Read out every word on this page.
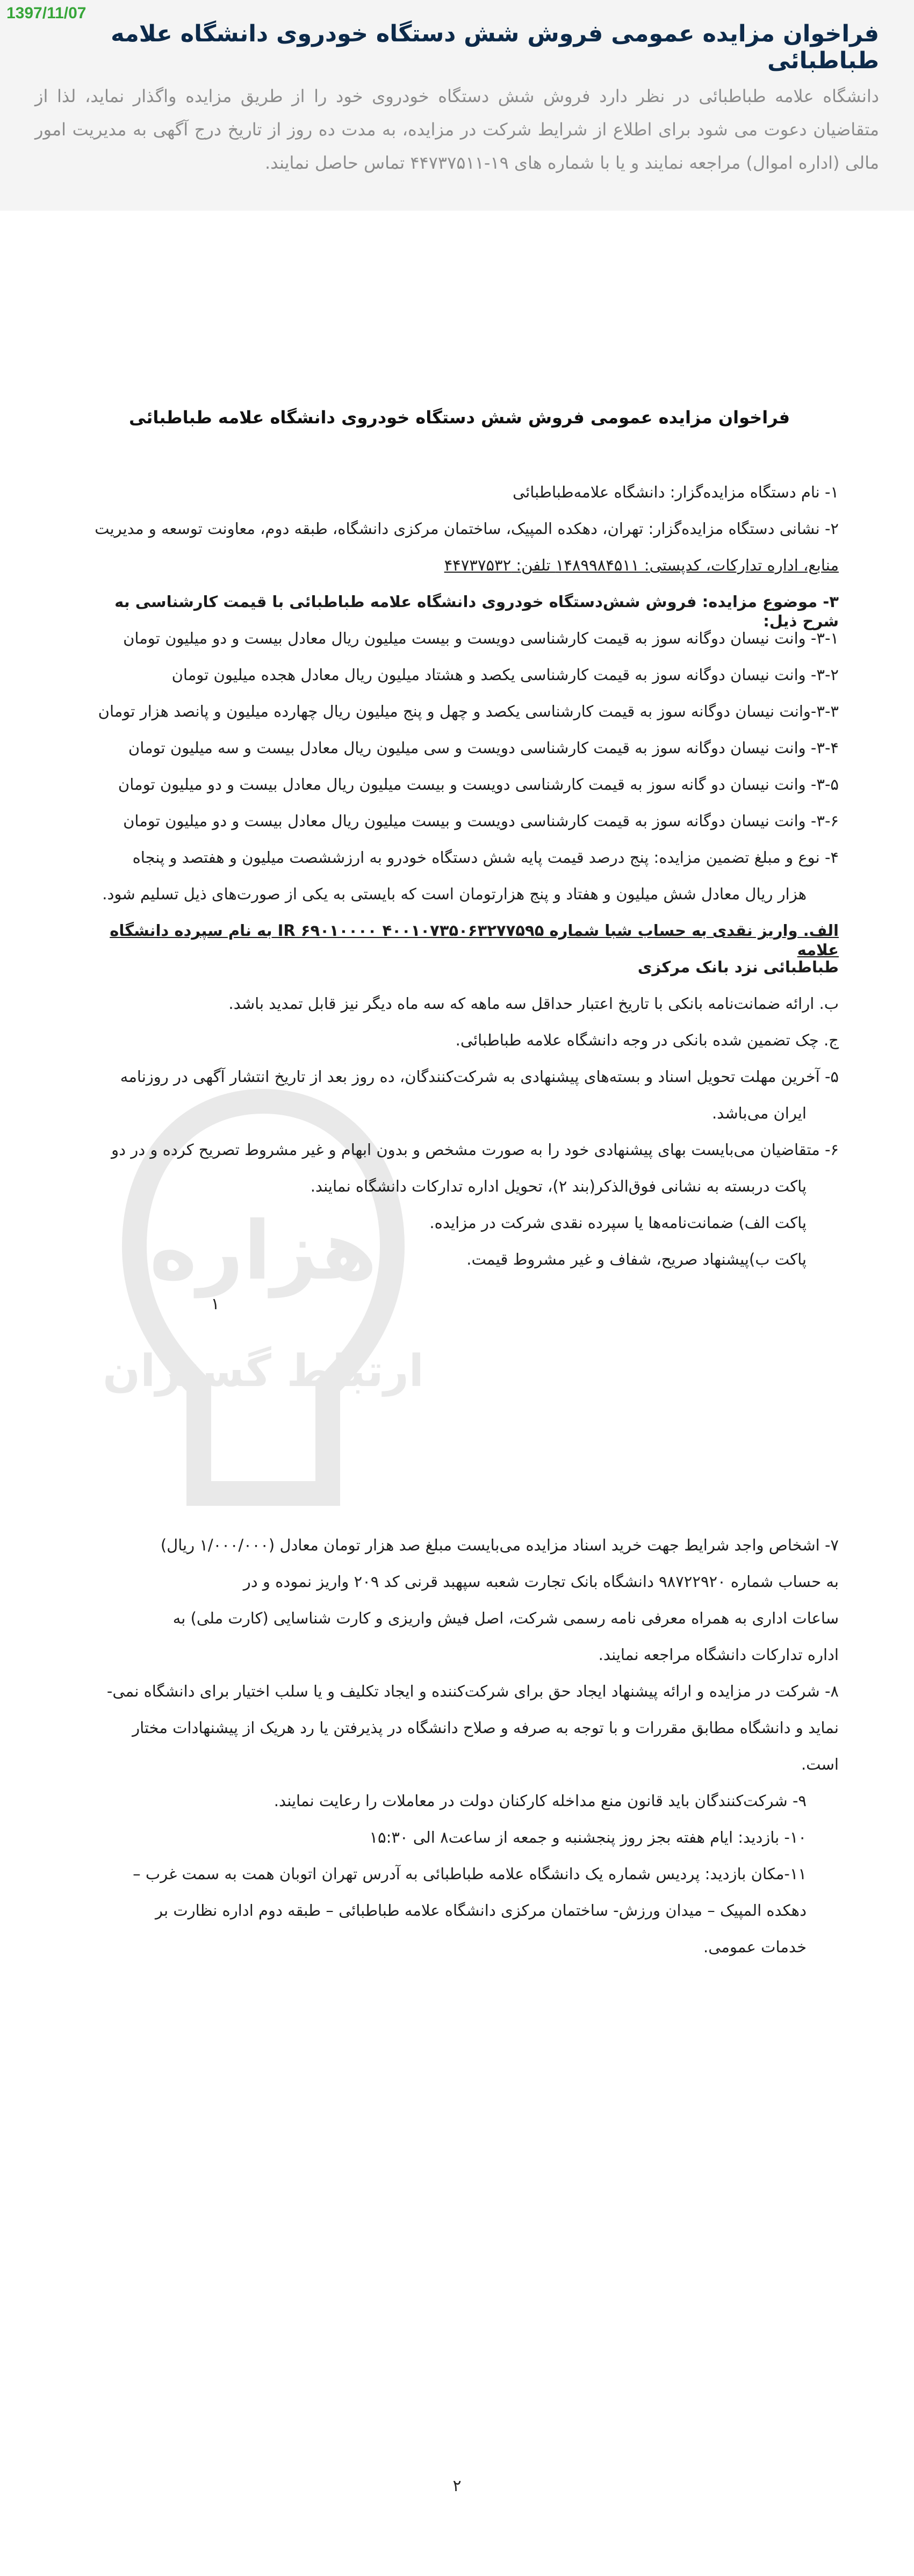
فراخوان مزایده عمومی فروش شش دستگاه خودروی دانشگاه علامه طباطبائی

دانشگاه علامه طباطبائی در نظر دارد فروش شش دستگاه خودروی خود را از طریق مزایده واگذار نماید، لذا از متقاضیان دعوت می شود برای اطلاع از شرایط شرکت در مزایده، به مدت ده روز از تاریخ درج آگهی به مدیریت امور مالی (اداره اموال) مراجعه نمایند و یا با شماره های ۱۹-۴۴۷۳۷۵۱۱ تماس حاصل نمایند.

1397/11/07
هزاره
ارتباط گستران
فراخوان مزایده عمومی فروش شش دستگاه خودروی دانشگاه علامه طباطبائی
۱- نام دستگاه مزایده‌گزار: دانشگاه علامه‌طباطبائی
۲- نشانی دستگاه مزایده‌گزار: تهران، دهکده المپیک، ساختمان مرکزی دانشگاه، طبقه دوم، معاونت توسعه و مدیریت
منابع، اداره تدارکات، کدپستی: ۱۴۸۹۹۸۴۵۱۱ تلفن: ۴۴۷۳۷۵۳۲
۳- موضوع مزایده: فروش شش‌دستگاه خودروی دانشگاه علامه طباطبائی با قیمت کارشناسی به شرح ذیل:
۳-۱- وانت نیسان دوگانه سوز به قیمت کارشناسی دویست و بیست میلیون ریال معادل بیست و دو میلیون تومان
۳-۲- وانت نیسان دوگانه سوز به قیمت کارشناسی یکصد و هشتاد میلیون ریال معادل هجده میلیون تومان
۳-۳-وانت نیسان دوگانه سوز به قیمت کارشناسی یکصد و چهل و پنج میلیون ریال چهارده میلیون و پانصد هزار تومان
۳-۴- وانت نیسان دوگانه سوز به قیمت کارشناسی دویست و سی میلیون ریال معادل بیست و سه میلیون تومان
۳-۵- وانت نیسان دو گانه سوز به قیمت کارشناسی دویست و بیست میلیون ریال معادل بیست و دو میلیون تومان
۳-۶- وانت نیسان دوگانه سوز به قیمت کارشناسی دویست و بیست میلیون ریال معادل بیست و دو میلیون تومان
۴- نوع و مبلغ تضمین مزایده: پنج درصد قیمت پایه شش دستگاه خودرو به ارزششصت میلیون و هفتصد و پنجاه
هزار ریال معادل شش میلیون و هفتاد و پنج هزارتومان است که بایستی به یکی از صورت‌های ذیل تسلیم شود.
الف. واریز نقدی به حساب شبا شماره IR ۶۹۰۱۰۰۰۰ ۴۰۰۱۰۷۳۵۰۶۳۲۷۷۵۹۵ به نام سپرده دانشگاه علامه
طباطبائی نزد بانک مرکزی
ب. ارائه ضمانت‌نامه بانکی با تاریخ اعتبار حداقل سه ماهه که سه ماه دیگر نیز قابل تمدید باشد.
ج. چک تضمین شده بانکی در وجه دانشگاه علامه طباطبائی.
۵- آخرین مهلت تحویل اسناد و بسته‌های پیشنهادی به شرکت‌کنندگان، ده روز بعد از تاریخ انتشار آگهی در روزنامه
ایران می‌باشد.
۶- متقاضیان می‌بایست بهای پیشنهادی خود را به صورت مشخص و بدون ابهام و غیر مشروط تصریح کرده و در دو
پاکت دربسته به نشانی فوق‌الذکر(بند ۲)، تحویل اداره تدارکات دانشگاه نمایند.
پاکت الف) ضمانت‌نامه‌ها یا سپرده نقدی شرکت در مزایده.
پاکت ب)پیشنهاد صریح، شفاف و غیر مشروط قیمت.
۱
۷- اشخاص واجد شرایط جهت خرید اسناد مزایده می‌بایست مبلغ صد هزار تومان معادل (۱/۰۰۰/۰۰۰ ریال)
به حساب شماره ۹۸۷۲۲۹۲۰ دانشگاه بانک تجارت شعبه سپهبد قرنی کد ۲۰۹ واریز نموده و در
ساعات اداری به همراه معرفی نامه رسمی شرکت، اصل فیش واریزی و کارت شناسایی (کارت ملی) به
اداره تدارکات دانشگاه مراجعه نمایند.
۸- شرکت در مزایده و ارائه پیشنهاد ایجاد حق برای شرکت‌کننده و ایجاد تکلیف و یا سلب اختیار برای دانشگاه نمی-
نماید و دانشگاه مطابق مقررات و با توجه به صرفه و صلاح دانشگاه در پذیرفتن یا رد هریک از پیشنهادات مختار
است.
۹- شرکت‌کنندگان باید قانون منع مداخله کارکنان دولت در معاملات را رعایت نمایند.
۱۰- بازدید: ایام هفته بجز روز پنجشنبه و جمعه از ساعت۸ الی ۱۵:۳۰
۱۱-مکان بازدید: پردیس شماره یک دانشگاه علامه طباطبائی به آدرس تهران اتوبان همت به سمت غرب –
دهکده المپیک – میدان ورزش- ساختمان مرکزی دانشگاه علامه طباطبائی – طبقه دوم اداره نظارت بر
خدمات عمومی.
۲
